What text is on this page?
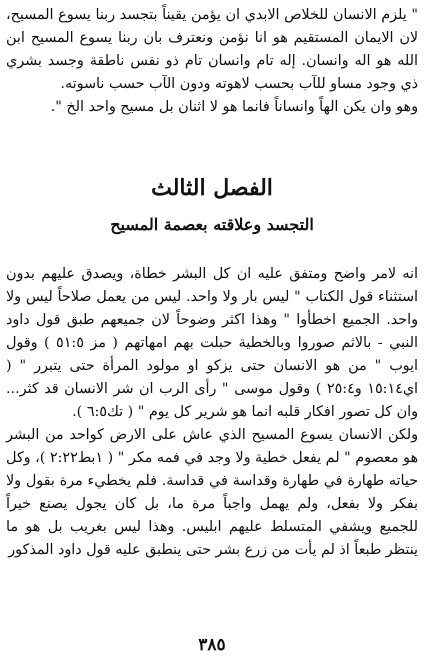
" يلزم الانسان للخلاص الابدي ان يؤمن يقيناً بتجسد ربنا يسوع المسيح، لان الايمان المستقيم هو انا نؤمن ونعترف بان ربنا يسوع المسيح ابن الله هو اله وانسان. إله تام وانسان تام ذو نفس ناطقة وجسد بشري ذي وجود مساو للآب بحسب لاهوته ودون الآب حسب ناسوته.

وهو وان يكن الهاً وانساناً فانما هو لا اثنان بل مسيح واحد الخ ".

الفصل الثالث
التجسد وعلاقته بعصمة المسيح

انه لامر واضح ومتفق عليه ان كل البشر خطاة، ويصدق عليهم بدون استثناء قول الكتاب " ليس بار ولا واحد. ليس من يعمل صلاحاً ليس ولا واحد. الجميع اخطأوا " وهذا اكثر وضوحاً لان جميعهم طبق قول داود النبي - بالاثم صوروا وبالخطية حبلت بهم امهاتهم ( مز ٥١:٥ ) وقول ايوب " من هو الانسان حتى يزكو او مولود المرأة حتى يتبرر " ( اي١٥:١٤ و٢٥:٤ ) وقول موسى " رأى الرب ان شر الانسان قد كثر... وان كل تصور افكار قلبه انما هو شرير كل يوم " ( تك٦:٥ ).

ولكن الانسان يسوع المسيح الذي عاش على الارض كواحد من البشر هو معصوم " لم يفعل خطية ولا وجد في فمه مكر " ( ١بط٢:٢٢ )، وكل حياته طهارة في طهارة وقداسة في قداسة. فلم يخطيء مرة بقول ولا بفكر ولا بفعل، ولم يهمل واجباً مرة ما، بل كان يجول يصنع خيراً للجميع ويشفي المتسلط عليهم ابليس. وهذا ليس بغريب بل هو ما ينتظر طبعاً اذ لم يأت من زرع بشر حتى ينطبق عليه قول داود المذكور

٣٨٥
